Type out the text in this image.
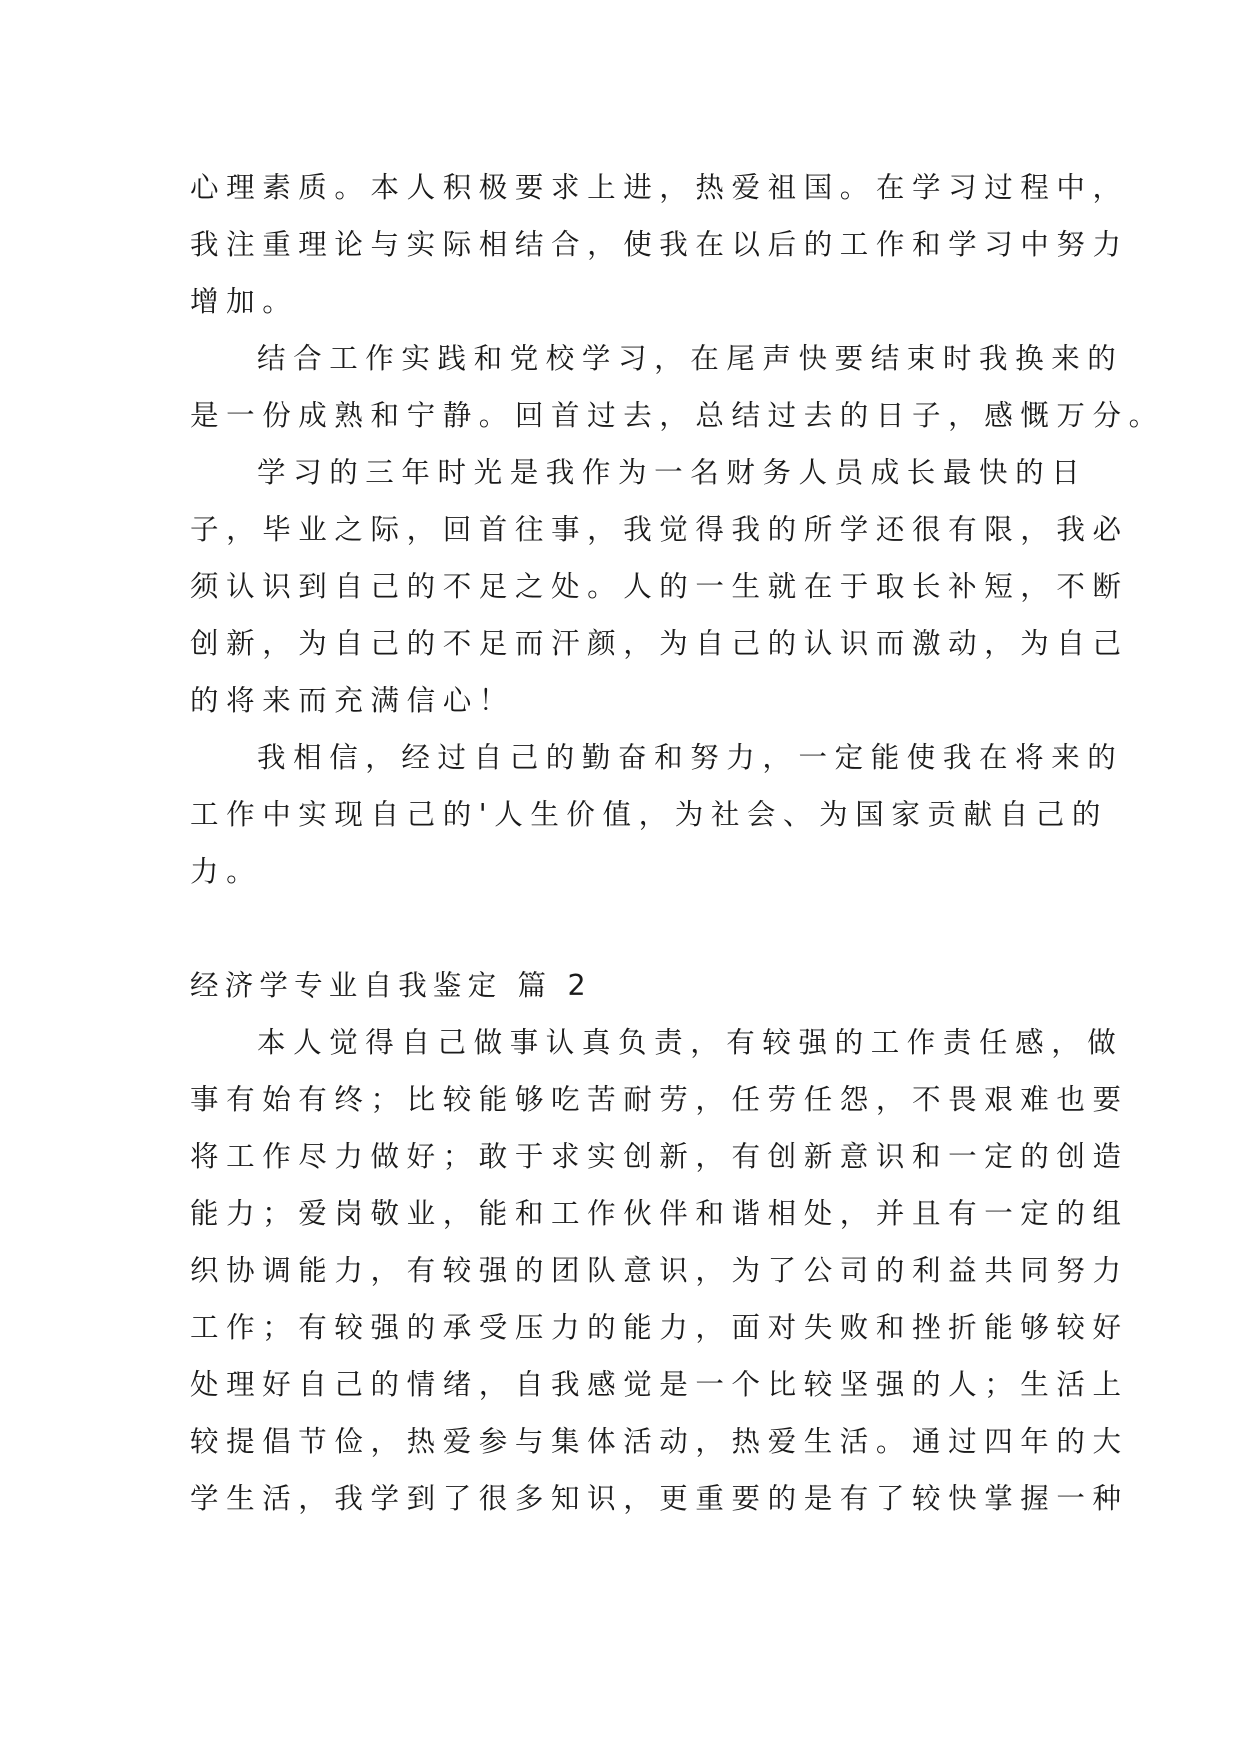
心理素质。本人积极要求上进，热爱祖国。在学习过程中，

我注重理论与实际相结合，使我在以后的工作和学习中努力

增加。

结合工作实践和党校学习，在尾声快要结束时我换来的

是一份成熟和宁静。回首过去，总结过去的日子，感慨万分。

学习的三年时光是我作为一名财务人员成长最快的日

子，毕业之际，回首往事，我觉得我的所学还很有限，我必

须认识到自己的不足之处。人的一生就在于取长补短，不断

创新，为自己的不足而汗颜，为自己的认识而激动，为自己

的将来而充满信心！

我相信，经过自己的勤奋和努力，一定能使我在将来的

工作中实现自己的'人生价值，为社会、为国家贡献自己的

力。

经济学专业自我鉴定 篇 2

本人觉得自己做事认真负责，有较强的工作责任感，做

事有始有终；比较能够吃苦耐劳，任劳任怨，不畏艰难也要

将工作尽力做好；敢于求实创新，有创新意识和一定的创造

能力；爱岗敬业，能和工作伙伴和谐相处，并且有一定的组

织协调能力，有较强的团队意识，为了公司的利益共同努力

工作；有较强的承受压力的能力，面对失败和挫折能够较好

处理好自己的情绪，自我感觉是一个比较坚强的人；生活上

较提倡节俭，热爱参与集体活动，热爱生活。通过四年的大

学生活，我学到了很多知识，更重要的是有了较快掌握一种
